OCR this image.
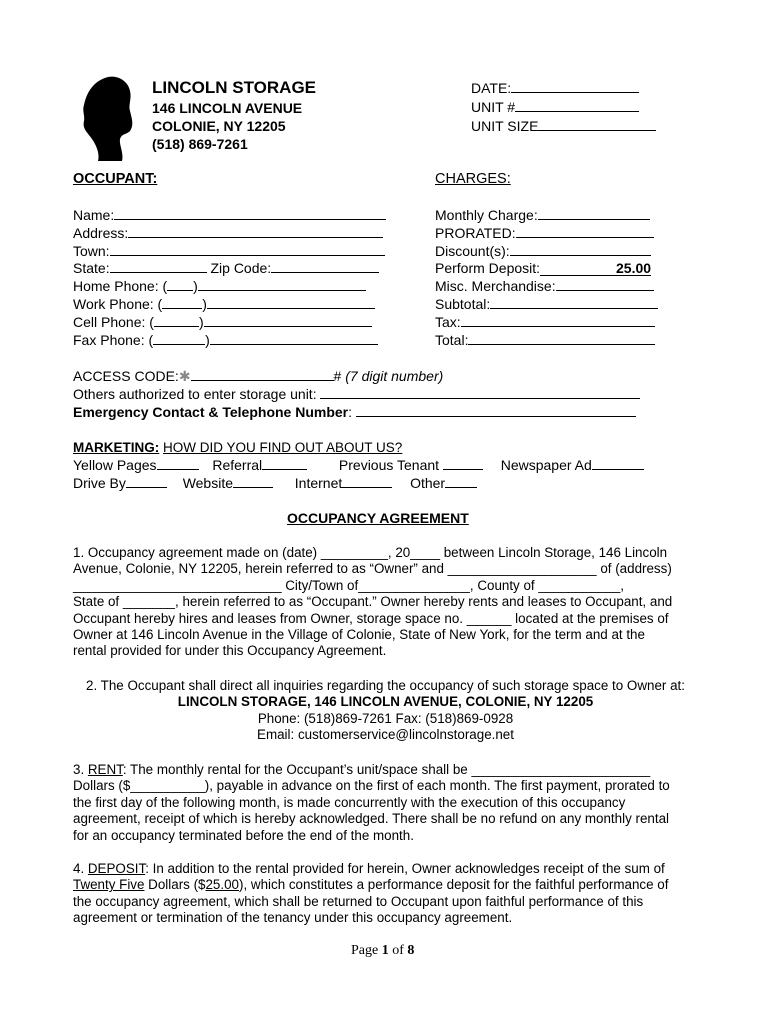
LINCOLN STORAGE
146 LINCOLN AVENUE
COLONIE, NY 12205
(518) 869-7261
DATE:
UNIT #
UNIT SIZE
OCCUPANT:	CHARGES:
Name:
Address:
Town:
State:	Zip Code:
Home Phone: ( )
Work Phone: (	)
Cell Phone: (	)
Fax Phone: (	)
Monthly Charge:
PRORATED:
Discount(s):
Perform Deposit:	25.00
Misc. Merchandise:
Subtotal:
Tax:
Total:
ACCESS CODE:✱	# (7 digit number)
Others authorized to enter storage unit:
Emergency Contact & Telephone Number:
MARKETING: HOW DID YOU FIND OUT ABOUT US?
Yellow Pages	Referral	Previous Tenant	Newspaper Ad
Drive By	Website	Internet	Other
OCCUPANCY AGREEMENT

1. Occupancy agreement made on (date) _________, 20____ between Lincoln Storage, 146 Lincoln

Avenue, Colonie, NY 12205, herein referred to as “Owner” and ____________________ of (address)

____________________________ City/Town of_______________, County of ___________,

State of _______, herein referred to as “Occupant.” Owner hereby rents and leases to Occupant, and

Occupant hereby hires and leases from Owner, storage space no. ______ located at the premises of

Owner at 146 Lincoln Avenue in the Village of Colonie, State of New York, for the term and at the

rental provided for under this Occupancy Agreement.

2. The Occupant shall direct all inquiries regarding the occupancy of such storage space to Owner at:

LINCOLN STORAGE, 146 LINCOLN AVENUE, COLONIE, NY 12205

Phone: (518)869-7261 Fax: (518)869-0928

Email: customerservice@lincolnstorage.net

3. RENT: The monthly rental for the Occupant’s unit/space shall be ________________________

Dollars ($__________), payable in advance on the first of each month. The first payment, prorated to

the first day of the following month, is made concurrently with the execution of this occupancy

agreement, receipt of which is hereby acknowledged. There shall be no refund on any monthly rental

for an occupancy terminated before the end of the month.

4. DEPOSIT: In addition to the rental provided for herein, Owner acknowledges receipt of the sum of

Twenty Five Dollars ($25.00), which constitutes a performance deposit for the faithful performance of

the occupancy agreement, which shall be returned to Occupant upon faithful performance of this

agreement or termination of the tenancy under this occupancy agreement.

Page 1 of 8
